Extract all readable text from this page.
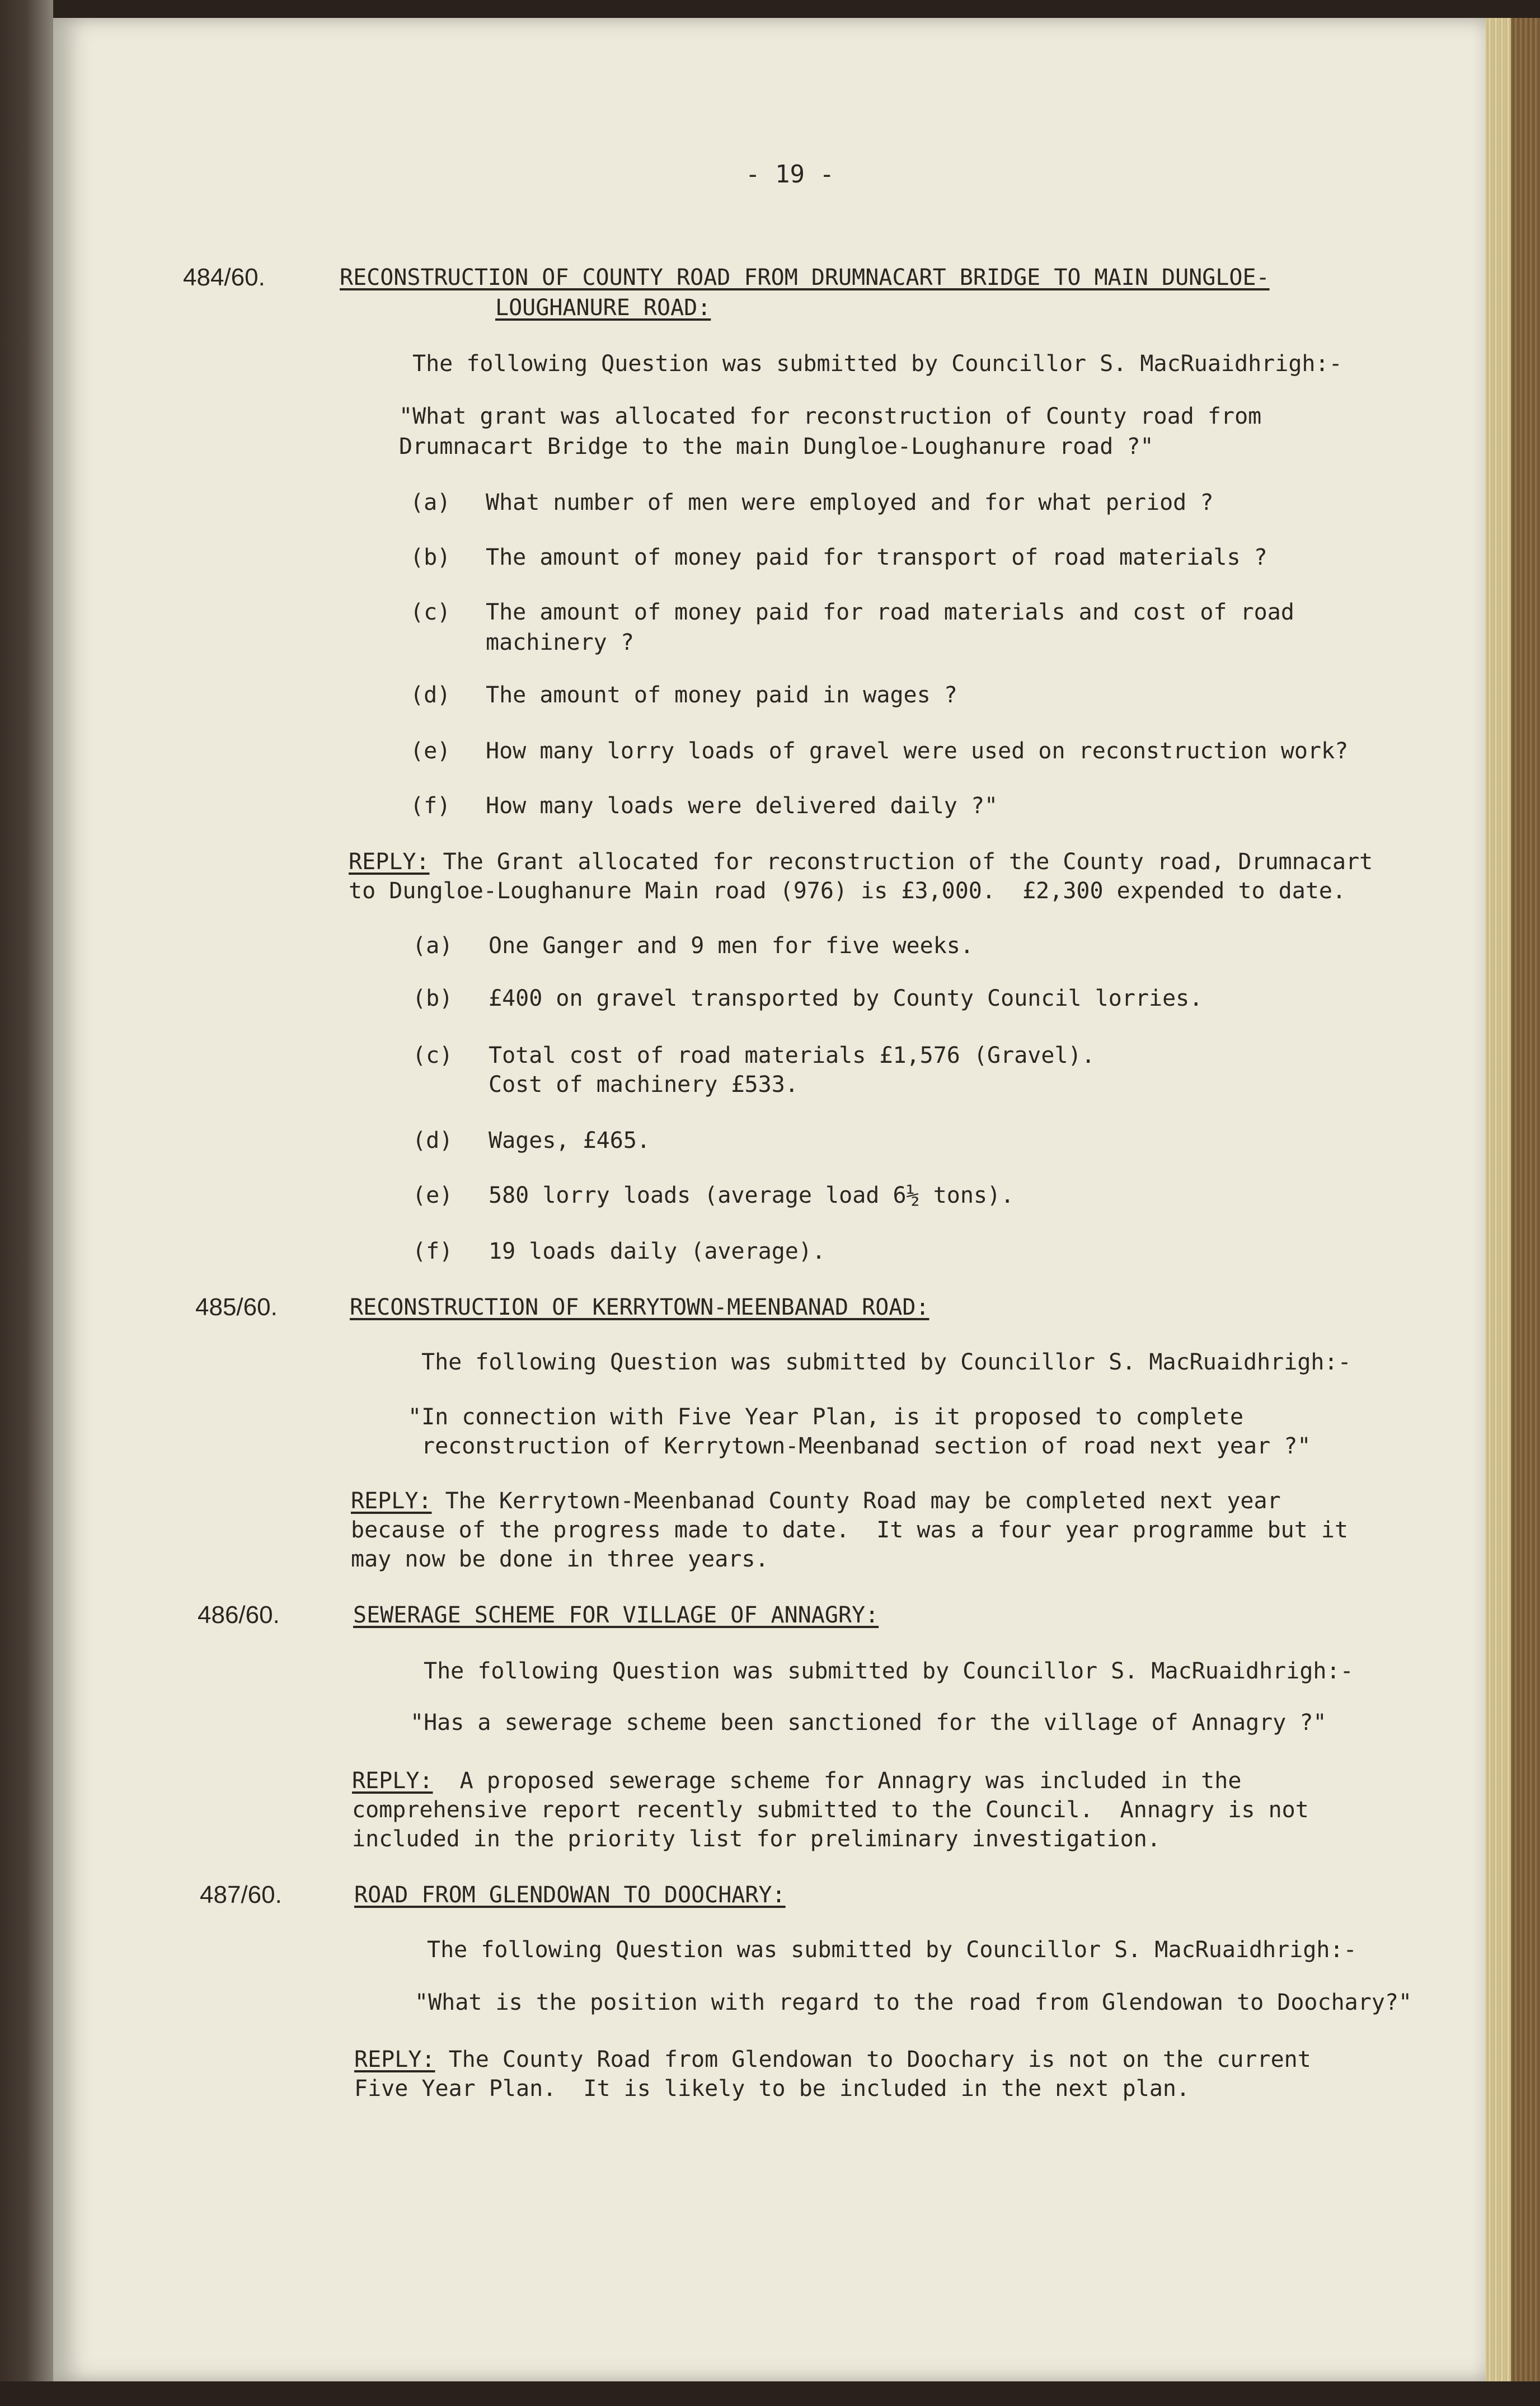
- 19 -
484/60.	RECONSTRUCTION OF COUNTY ROAD FROM DRUMNACART BRIDGE TO MAIN DUNGLOE-
LOUGHANURE ROAD:
The following Question was submitted by Councillor S. MacRuaidhrigh:-
"What grant was allocated for reconstruction of County road from
Drumnacart Bridge to the main Dungloe-Loughanure road ?"
(a) What number of men were employed and for what period ?
(b) The amount of money paid for transport of road materials ?
(c) The amount of money paid for road materials and cost of road
machinery ?
(d) The amount of money paid in wages ?
(e) How many lorry loads of gravel were used on reconstruction work?
(f) How many loads were delivered daily ?"
REPLY: The Grant allocated for reconstruction of the County road, Drumnacart
to Dungloe-Loughanure Main road (976) is £3,000.  £2,300 expended to date.
(a) One Ganger and 9 men for five weeks.
(b) £400 on gravel transported by County Council lorries.
(c) Total cost of road materials £1,576 (Gravel).
Cost of machinery £533.
(d) Wages, £465.
(e) 580 lorry loads (average load 6½ tons).
(f) 19 loads daily (average).
485/60.	RECONSTRUCTION OF KERRYTOWN-MEENBANAD ROAD:
The following Question was submitted by Councillor S. MacRuaidhrigh:-
"In connection with Five Year Plan, is it proposed to complete
reconstruction of Kerrytown-Meenbanad section of road next year ?"
REPLY: The Kerrytown-Meenbanad County Road may be completed next year
because of the progress made to date.  It was a four year programme but it
may now be done in three years.
486/60.	SEWERAGE SCHEME FOR VILLAGE OF ANNAGRY:
The following Question was submitted by Councillor S. MacRuaidhrigh:-
"Has a sewerage scheme been sanctioned for the village of Annagry ?"
REPLY:  A proposed sewerage scheme for Annagry was included in the
comprehensive report recently submitted to the Council.  Annagry is not
included in the priority list for preliminary investigation.
487/60.	ROAD FROM GLENDOWAN TO DOOCHARY:
The following Question was submitted by Councillor S. MacRuaidhrigh:-
"What is the position with regard to the road from Glendowan to Doochary?"
REPLY: The County Road from Glendowan to Doochary is not on the current
Five Year Plan.  It is likely to be included in the next plan.
